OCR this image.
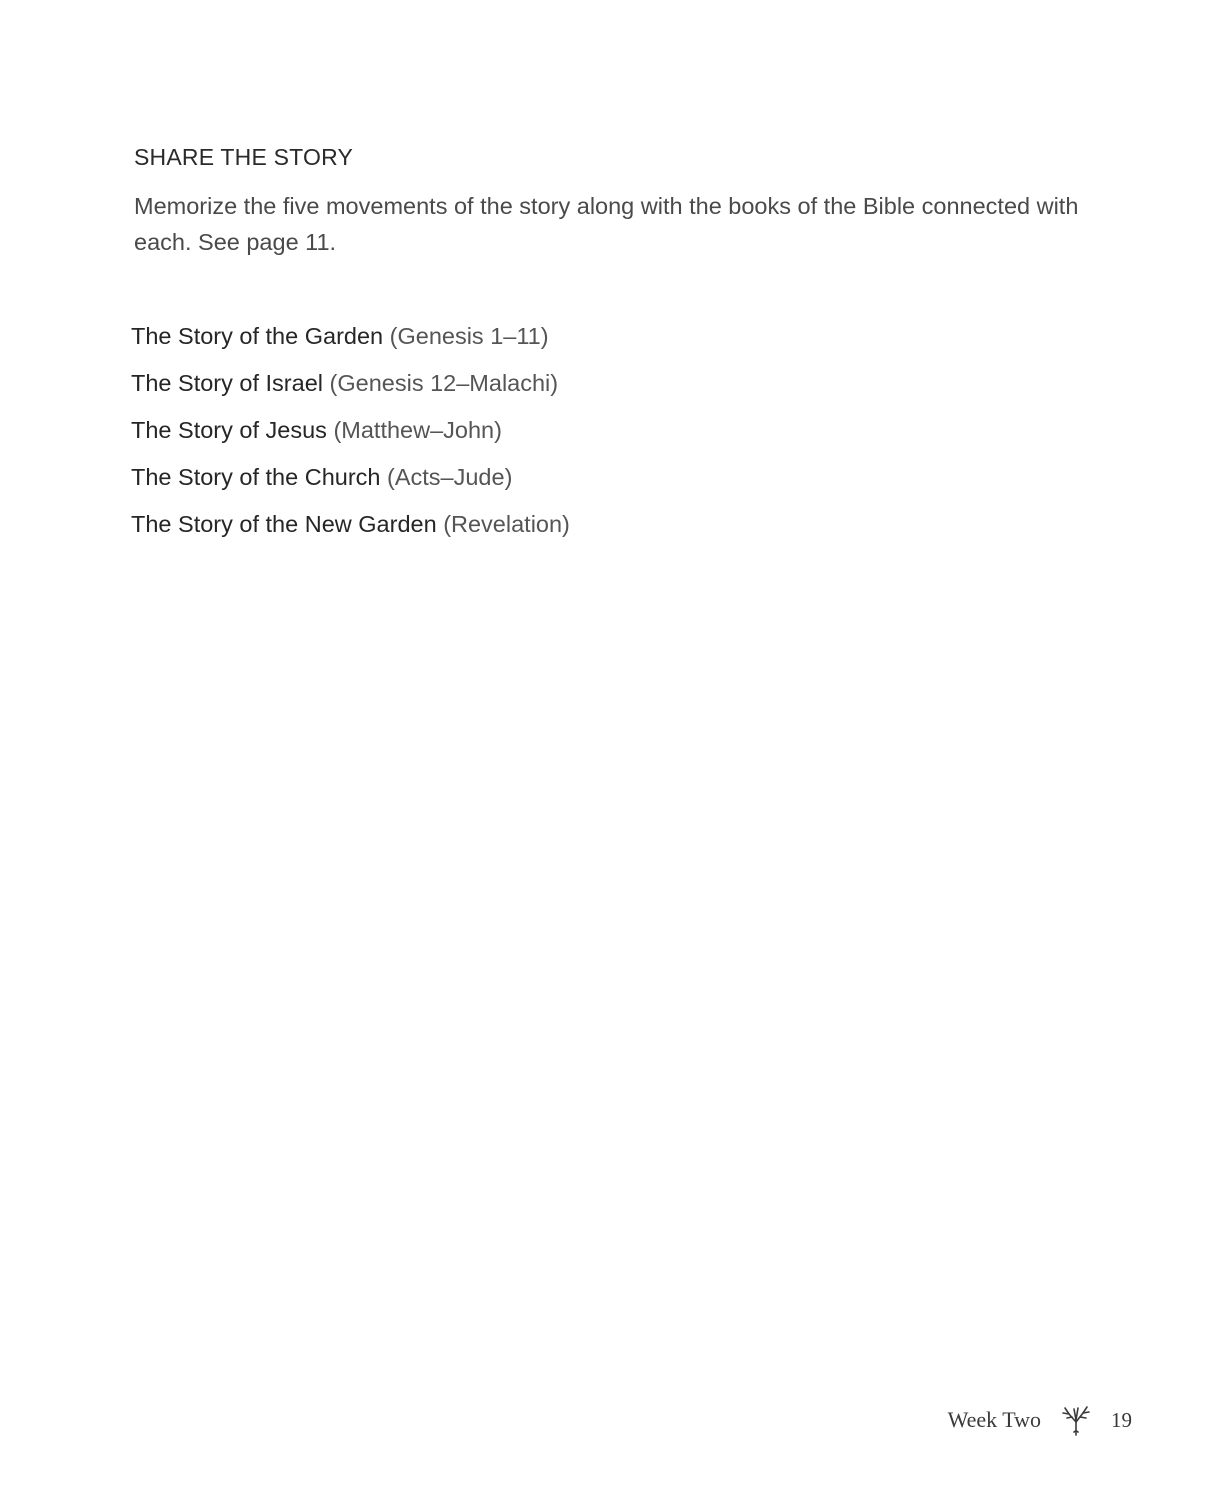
SHARE THE STORY

Memorize the five movements of the story along with the books of the Bible connected with each. See page 11.

The Story of the Garden (Genesis 1–11)
The Story of Israel (Genesis 12–Malachi)
The Story of Jesus (Matthew–John)
The Story of the Church (Acts–Jude)
The Story of the New Garden (Revelation)
Week Two	19
